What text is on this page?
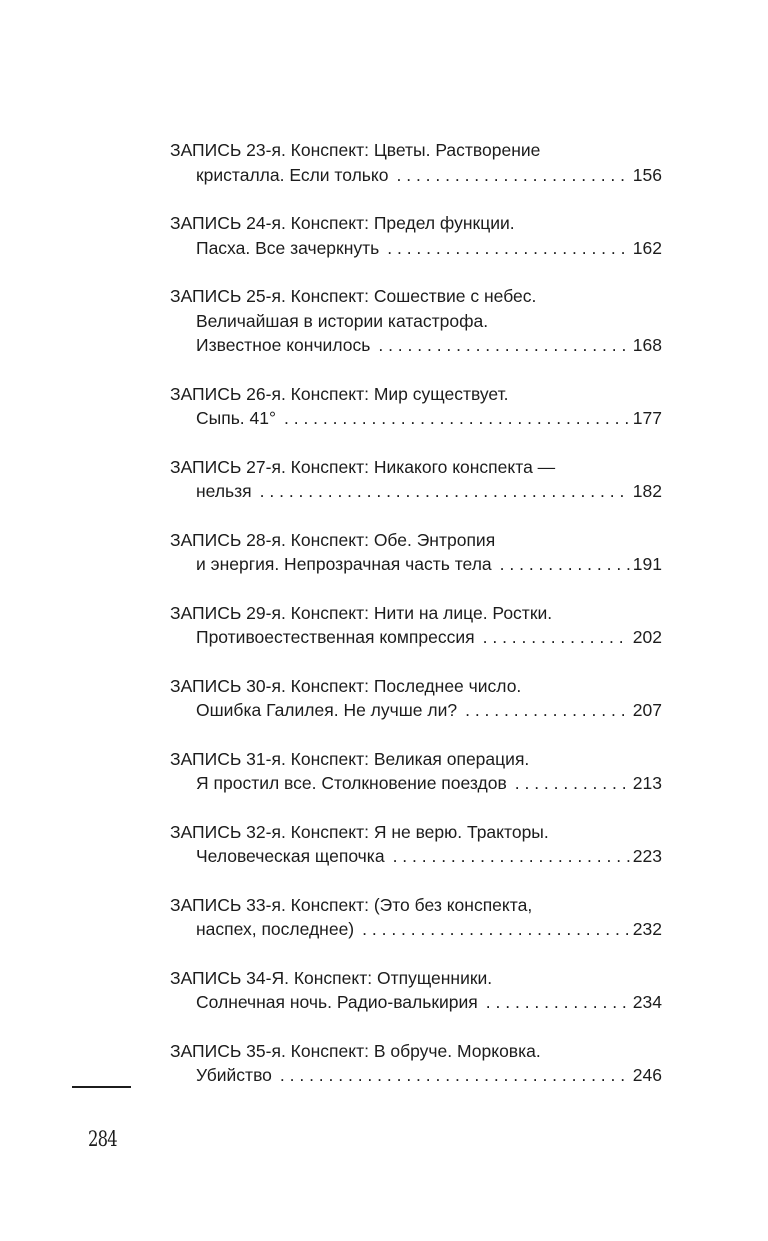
ЗАПИСЬ 23-я. Конспект: Цветы. Растворение
кристалла. Если только . . .	156
ЗАПИСЬ 24-я. Конспект: Предел функции.
Пасха. Все зачеркнуть . . .	162
ЗАПИСЬ 25-я. Конспект: Сошествие с небес.
Величайшая в истории катастрофа.
Известное кончилось . . .	168
ЗАПИСЬ 26-я. Конспект: Мир существует.
Сыпь. 41° . . .	177
ЗАПИСЬ 27-я. Конспект: Никакого конспекта —
нельзя . . .	182
ЗАПИСЬ 28-я. Конспект: Обе. Энтропия
и энергия. Непрозрачная часть тела . . .	191
ЗАПИСЬ 29-я. Конспект: Нити на лице. Ростки.
Противоестественная компрессия . . .	202
ЗАПИСЬ 30-я. Конспект: Последнее число.
Ошибка Галилея. Не лучше ли? . . .	207
ЗАПИСЬ 31-я. Конспект: Великая операция.
Я простил все. Столкновение поездов . . .	213
ЗАПИСЬ 32-я. Конспект: Я не верю. Тракторы.
Человеческая щепочка . . .	223
ЗАПИСЬ 33-я. Конспект: (Это без конспекта,
наспех, последнее) . . .	232
ЗАПИСЬ 34-Я. Конспект: Отпущенники.
Солнечная ночь. Радио-валькирия . . .	234
ЗАПИСЬ 35-я. Конспект: В обруче. Морковка.
Убийство . . .	246
284
